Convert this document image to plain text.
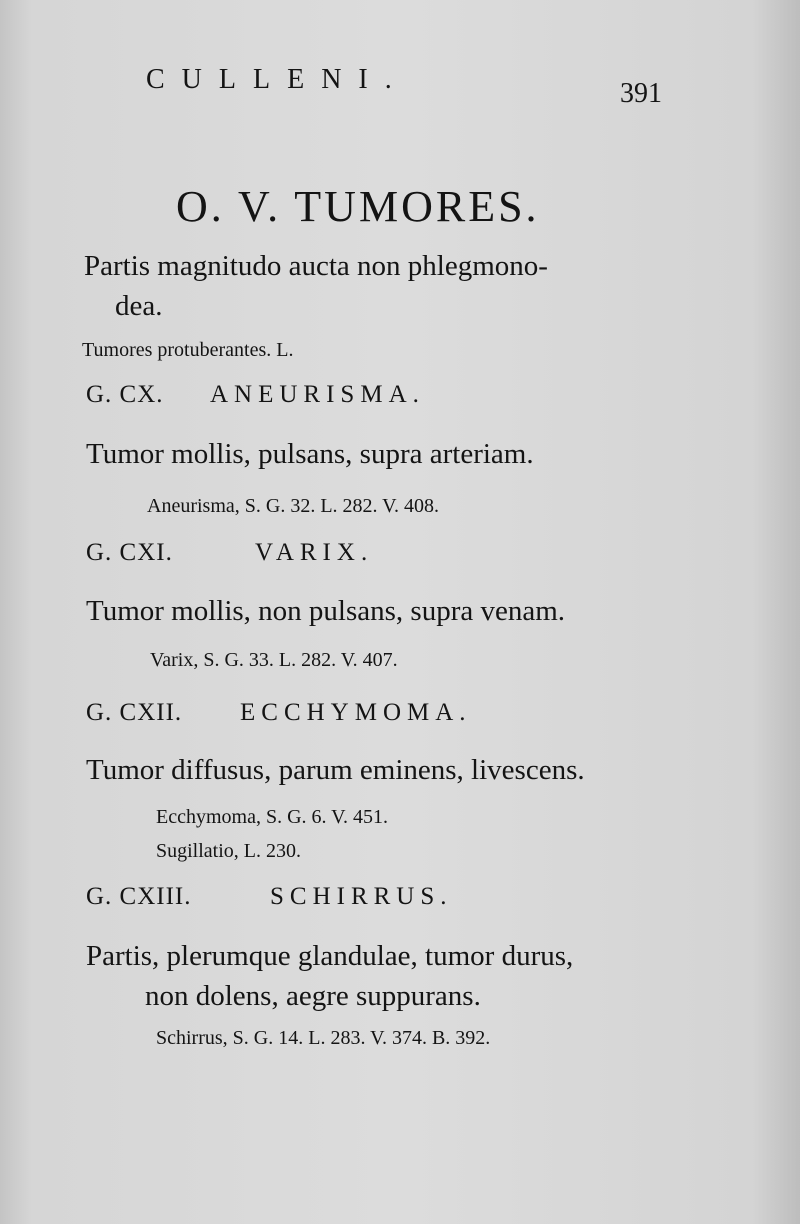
CULLENI.	391
O. V. TUMORES.
Partis magnitudo aucta non phlegmono-
dea.
Tumores protuberantes. L.
G. CX. ANEURISMA.
Tumor mollis, pulsans, supra arteriam.
Aneurisma, S. G. 32. L. 282. V. 408.
G. CXI.	VARIX.
Tumor mollis, non pulsans, supra venam.
Varix, S. G. 33. L. 282. V. 407.
G. CXII. ECCHYMOMA.
Tumor diffusus, parum eminens, livescens.
Ecchymoma, S. G. 6. V. 451.
Sugillatio, L. 230.
G. CXIII.	SCHIRRUS.
Partis, plerumque glandulae, tumor durus,
non dolens, aegre suppurans.
Schirrus, S. G. 14. L. 283. V. 374. B. 392.
